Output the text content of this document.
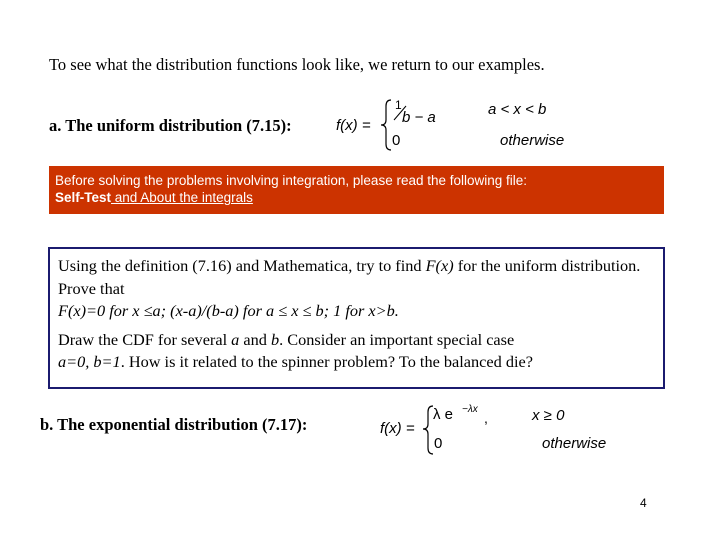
To see what the distribution functions look like, we return to our examples.
a. The uniform distribution (7.15):	f(x) =
1
b − a	a < x < b
0	otherwise
Before solving the problems involving integration, please read the following file:
Self-Test and About the integrals

Using the definition (7.16) and Mathematica, try to find F(x) for the uniform distribution. Prove that
F(x)=0 for x ≤a; (x-a)/(b-a) for a ≤ x ≤ b; 1 for x>b.

Draw the CDF for several a and b. Consider an important special case
a=0, b=1. How is it related to the spinner problem? To the balanced die?

b. The exponential distribution (7.17):	f(x) =
λ e −λx
,	x ≥ 0
0	otherwise
4
